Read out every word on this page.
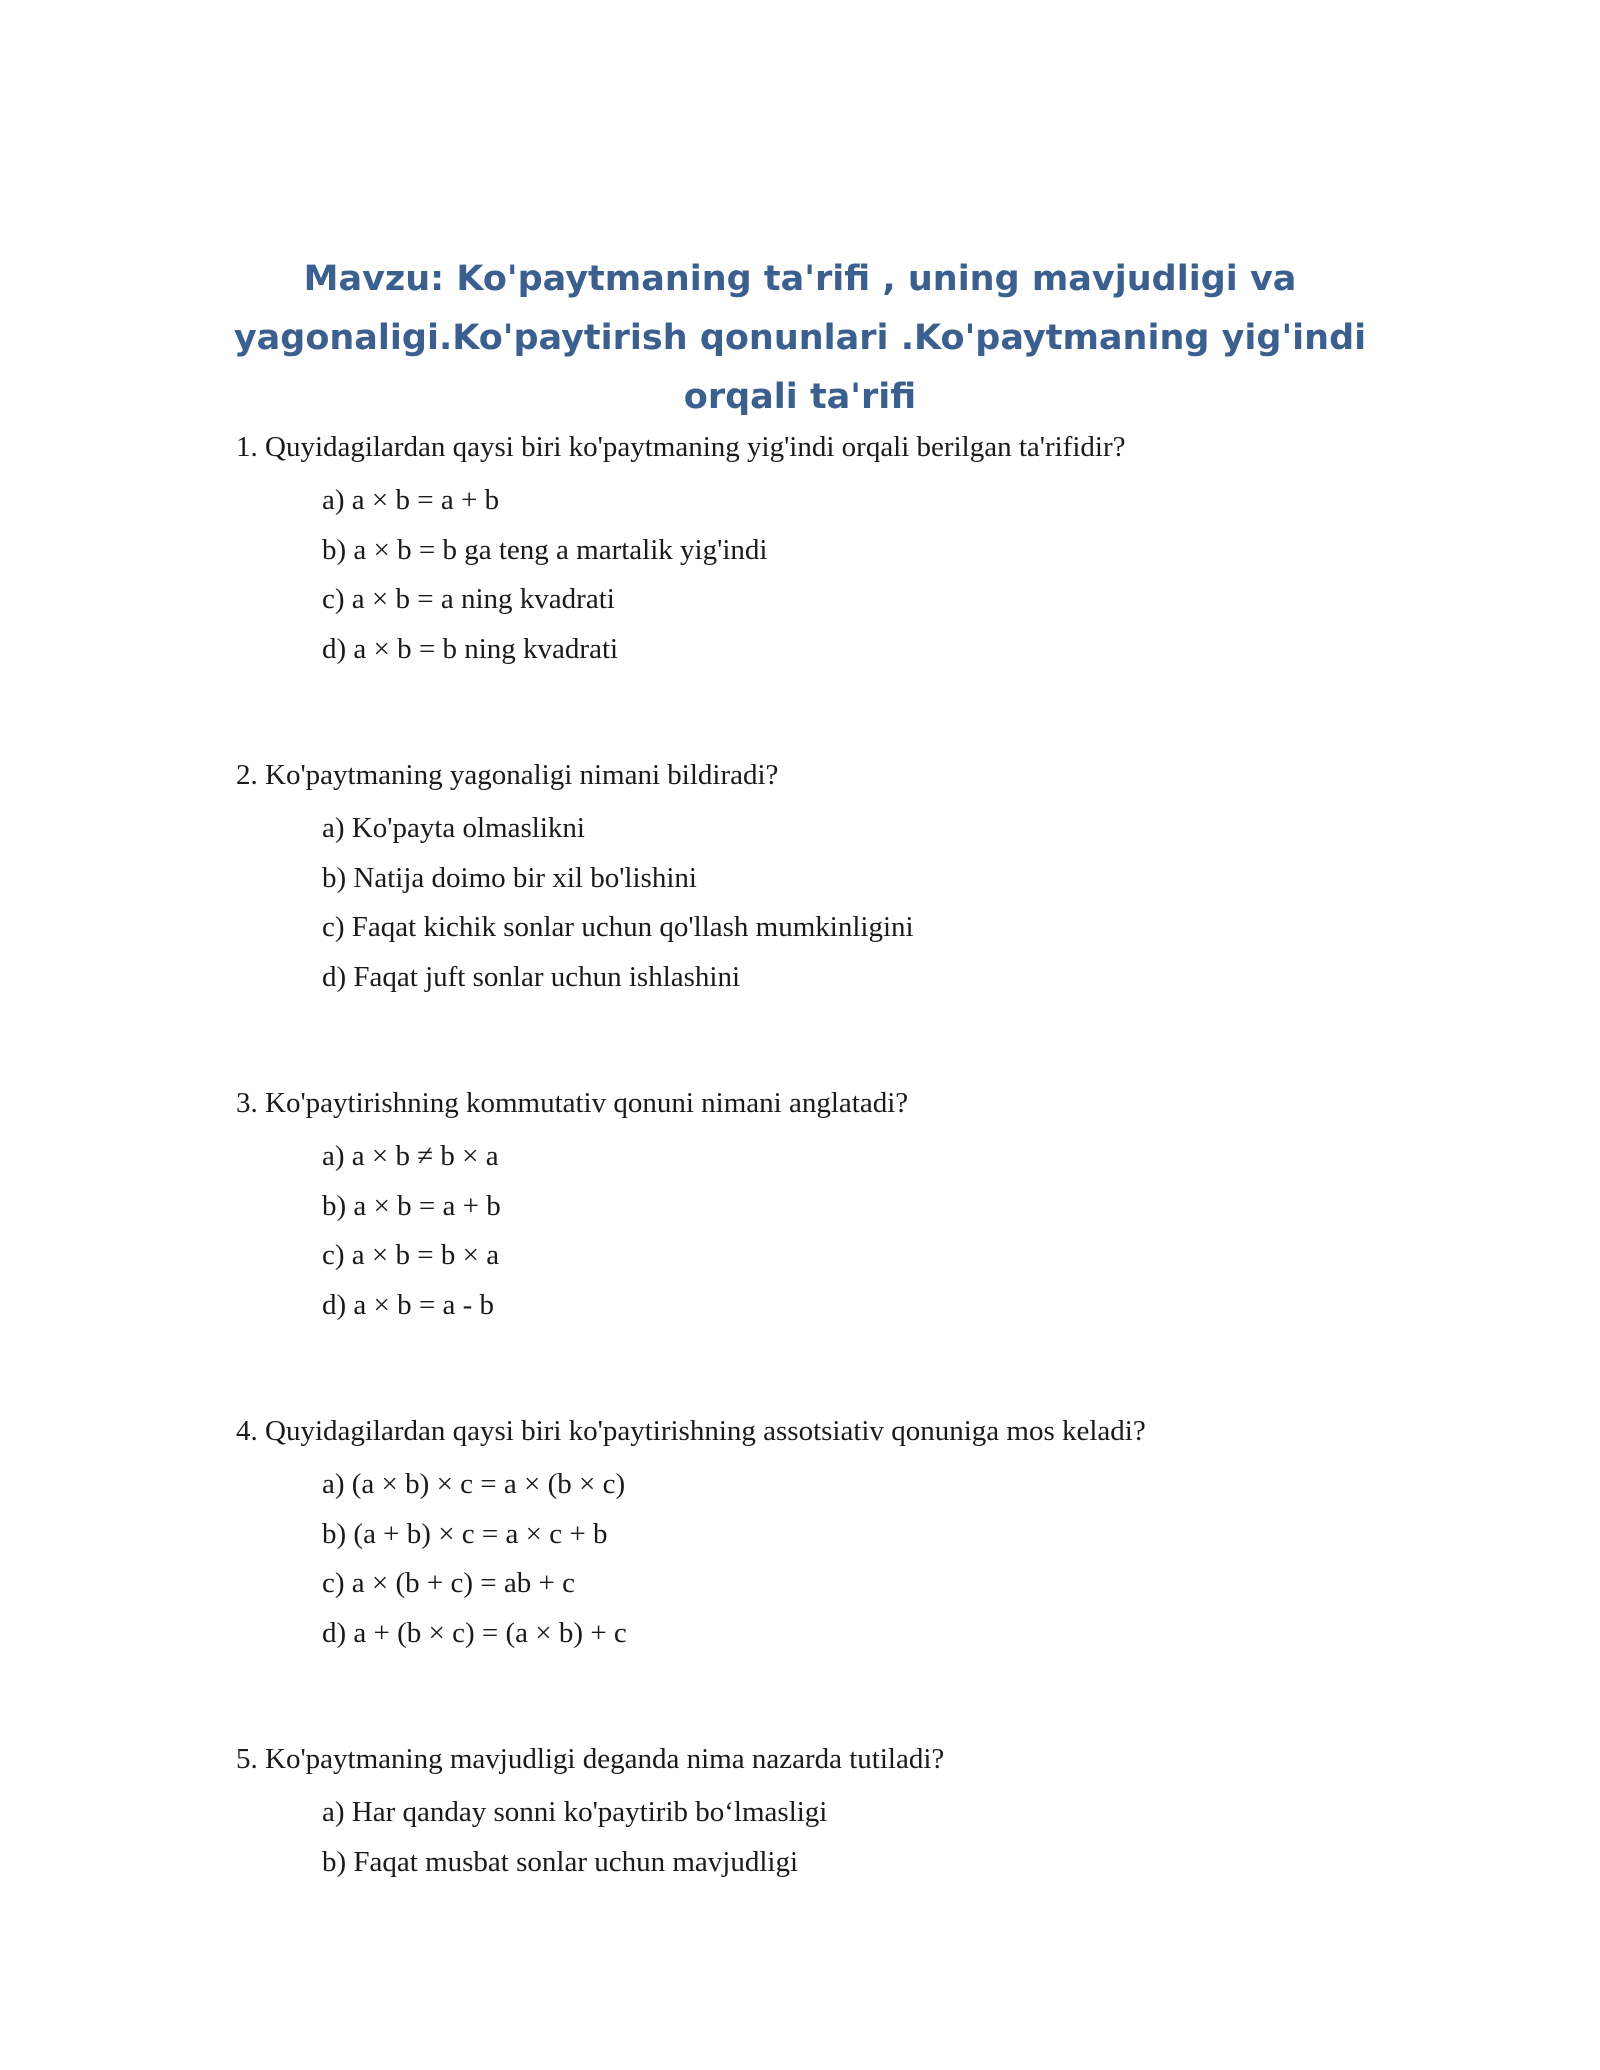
Mavzu: Ko'paytmaning ta'rifi , uning mavjudligi va yagonaligi.Ko'paytirish qonunlari .Ko'paytmaning yig'indi orqali ta'rifi

1. Quyidagilardan qaysi biri ko'paytmaning yig'indi orqali berilgan ta'rifidir?

a) a × b = a + b
b) a × b = b ga teng a martalik yig'indi
c) a × b = a ning kvadrati
d) a × b = b ning kvadrati

2. Ko'paytmaning yagonaligi nimani bildiradi?

a) Ko'payta olmaslikni
b) Natija doimo bir xil bo'lishini
c) Faqat kichik sonlar uchun qo'llash mumkinligini
d) Faqat juft sonlar uchun ishlashini

3. Ko'paytirishning kommutativ qonuni nimani anglatadi?

a) a × b ≠ b × a
b) a × b = a + b
c) a × b = b × a
d) a × b = a - b

4. Quyidagilardan qaysi biri ko'paytirishning assotsiativ qonuniga mos keladi?

a) (a × b) × c = a × (b × c)
b) (a + b) × c = a × c + b
c) a × (b + c) = ab + c
d) a + (b × c) = (a × b) + c

5. Ko'paytmaning mavjudligi deganda nima nazarda tutiladi?

a) Har qanday sonni ko'paytirib bo‘lmasligi
b) Faqat musbat sonlar uchun mavjudligi
